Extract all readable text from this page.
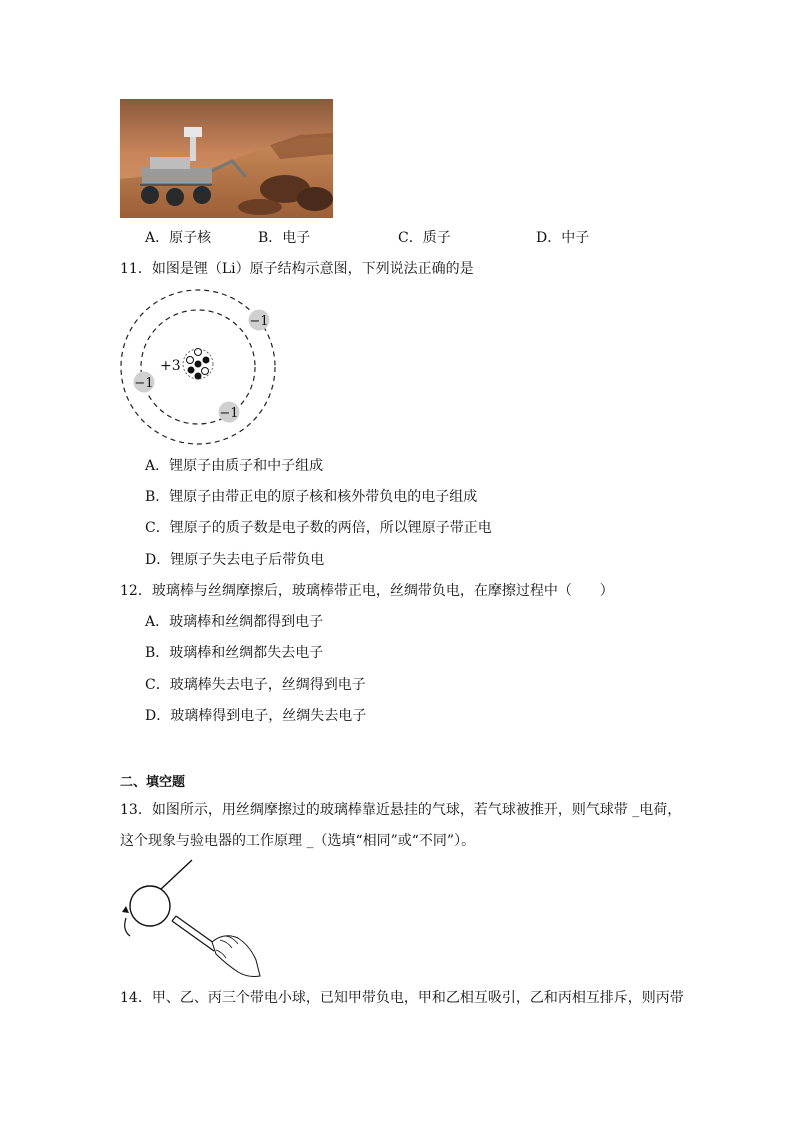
A．原子核	B．电子	C．质子	D．中子
11．如图是锂（Li）原子结构示意图，下列说法正确的是
+3
−1
−1
−1
A．锂原子由质子和中子组成
B．锂原子由带正电的原子核和核外带负电的电子组成
C．锂原子的质子数是电子数的两倍，所以锂原子带正电
D．锂原子失去电子后带负电
12．玻璃棒与丝绸摩擦后，玻璃棒带正电，丝绸带负电，在摩擦过程中（　　）
A．玻璃棒和丝绸都得到电子
B．玻璃棒和丝绸都失去电子
C．玻璃棒失去电子，丝绸得到电子
D．玻璃棒得到电子，丝绸失去电子
二、填空题
13．如图所示，用丝绸摩擦过的玻璃棒靠近悬挂的气球，若气球被推开，则气球带 _电荷，
这个现象与验电器的工作原理 _（选填“相同”或“不同”）。
14．甲、乙、丙三个带电小球，已知甲带负电，甲和乙相互吸引，乙和丙相互排斥，则丙带
